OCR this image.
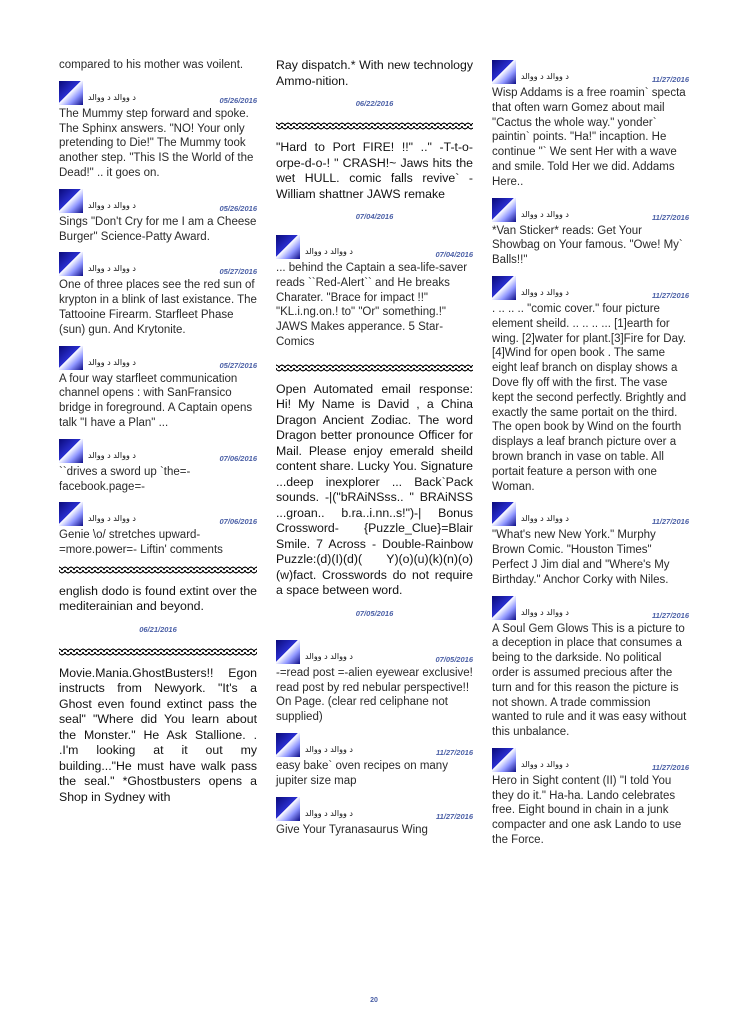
compared to his mother was voilent.

د ووالد د ووالد	05/26/2016

The Mummy step forward and spoke. The Sphinx answers. "NO! Your only pretending to Die!" The Mummy took another step. "This IS the World of the Dead!" .. it goes on.

د ووالد د ووالد	05/26/2016

Sings "Don't Cry for me I am a Cheese Burger" Science-Patty Award.

د ووالد د ووالد	05/27/2016

One of three places see the red sun of krypton in a blink of last existance. The Tattooine Firearm. Starfleet Phase (sun) gun. And Krytonite.

د ووالد د ووالد	05/27/2016

A four way starfleet communication channel opens : with SanFransico bridge in foreground. A Captain opens talk "I have a Plan" ...

د ووالد د ووالد	07/06/2016

``drives a sword up `the=-facebook.page=-

د ووالد د ووالد	07/06/2016

Genie \o/ stretches upward-=more.power=- Liftin' comments

english dodo is found extint over the mediterainian and beyond.

06/21/2016

Movie.Mania.GhostBusters!! Egon instructs from Newyork. "It's a Ghost even found extinct pass the seal" "Where did You learn about the Monster." He Ask Stallione. . .I'm looking at it out my building..."He must have walk pass the seal." *Ghostbusters opens a Shop in Sydney with

Ray dispatch.* With new technology Ammo-nition.

06/22/2016

"Hard to Port FIRE! !!" .." -T-t-o-orpe-d-o-! " CRASH!~ Jaws hits the wet HULL. comic falls revive` - William shattner JAWS remake

07/04/2016
د ووالد د ووالد	07/04/2016

... behind the Captain a sea-life-saver reads ``Red-Alert`` and He breaks Charater. "Brace for impact !!" "KL.i.ng.on.! to" "Or" something.!" JAWS Makes apperance. 5 Star-Comics

Open Automated email response: Hi! My Name is David , a China Dragon Ancient Zodiac. The word Dragon better pronounce Officer for Mail. Please enjoy emerald sheild content share. Lucky You. Signature ...deep inexplorer ... Back`Pack sounds. -|("bRAiNSss.. " BRAiNSS ...groan.. b.ra..i.nn..s!")-| Bonus Crossword- {Puzzle_Clue}=Blair Smile. 7 Across - Double-Rainbow Puzzle:(d)(I)(d)( Y)(o)(u)(k)(n)(o)(w)fact. Crosswords do not require a space between word.

07/05/2016
د ووالد د ووالد	07/05/2016

-=read post =-alien eyewear exclusive! read post by red nebular perspective!! On Page. (clear red celiphane not supplied)

د ووالد د ووالد	11/27/2016

easy bake` oven recipes on many jupiter size map

د ووالد د ووالد	11/27/2016

Give Your Tyranasaurus Wing

د ووالد د ووالد	11/27/2016

Wisp Addams is a free roamin` specta that often warn Gomez about mail "Cactus the whole way." yonder` paintin` points. "Ha!" incaption. He continue "` We sent Her with a wave and smile. Told Her we did. Addams Here..

د ووالد د ووالد	11/27/2016

*Van Sticker* reads: Get Your Showbag on Your famous. "Owe! My` Balls!!"

د ووالد د ووالد	11/27/2016

. .. .. .. "comic cover." four picture element sheild. .. .. .. ... [1]earth for wing. [2]water for plant.[3]Fire for Day.[4]Wind for open book . The same eight leaf branch on display shows a Dove fly off with the first. The vase kept the second perfectly. Brightly and exactly the same portait on the third. The open book by Wind on the fourth displays a leaf branch picture over a brown branch in vase on table. All portait feature a person with one Woman.

د ووالد د ووالد	11/27/2016

"What's new New York." Murphy Brown Comic. "Houston Times" Perfect J Jim dial and "Where's My Birthday." Anchor Corky with Niles.

د ووالد د ووالد	11/27/2016

A Soul Gem Glows This is a picture to a deception in place that consumes a being to the darkside. No political order is assumed precious after the turn and for this reason the picture is not shown. A trade commission wanted to rule and it was easy without this unbalance.

د ووالد د ووالد	11/27/2016

Hero in Sight content (II) "I told You they do it." Ha-ha. Lando celebrates free. Eight bound in chain in a junk compacter and one ask Lando to use the Force.

20
